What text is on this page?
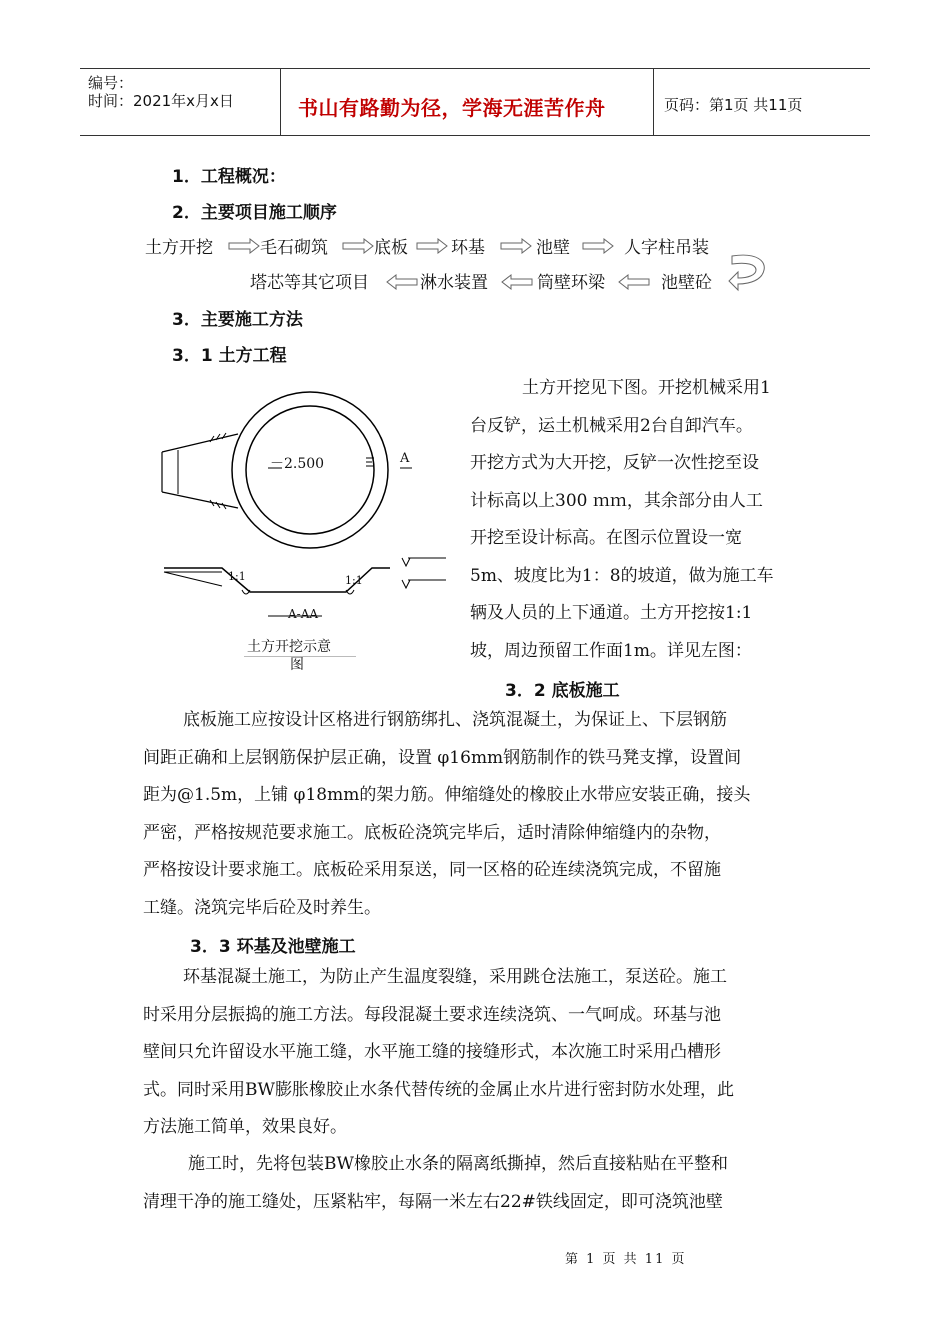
编号：
时间：2021年x月x日	书山有路勤为径，学海无涯苦作舟	页码：第1页 共11页
1．工程概况：
2．主要项目施工顺序
土方开挖	毛石砌筑	底板	环基	池壁	人字柱吊装
塔芯等其它项目	淋水装置	筒壁环梁	池壁砼
3．主要施工方法
3．1 土方工程
－2.500	A
1:1	1:1
A-AA
土方开挖示意
图
土方开挖见下图。开挖机械采用1
台反铲，运土机械采用2台自卸汽车。
开挖方式为大开挖，反铲一次性挖至设
计标高以上300 ｍｍ，其余部分由人工
开挖至设计标高。在图示位置设一宽
5m、坡度比为1：8的坡道，做为施工车
辆及人员的上下通道。土方开挖按1:1
坡，周边预留工作面1m。详见左图：
3．2 底板施工
底板施工应按设计区格进行钢筋绑扎、浇筑混凝土，为保证上、下层钢筋
间距正确和上层钢筋保护层正确，设置 φ16mm钢筋制作的铁马凳支撑，设置间
距为@1.5m，上铺 φ18mm的架力筋。伸缩缝处的橡胶止水带应安装正确，接头
严密，严格按规范要求施工。底板砼浇筑完毕后，适时清除伸缩缝内的杂物，
严格按设计要求施工。底板砼采用泵送，同一区格的砼连续浇筑完成，不留施
工缝。浇筑完毕后砼及时养生。
3．3 环基及池壁施工
环基混凝土施工，为防止产生温度裂缝，采用跳仓法施工，泵送砼。施工
时采用分层振捣的施工方法。每段混凝土要求连续浇筑、一气呵成。环基与池
壁间只允许留设水平施工缝，水平施工缝的接缝形式，本次施工时采用凸槽形
式。同时采用BW膨胀橡胶止水条代替传统的金属止水片进行密封防水处理，此
方法施工简单，效果良好。
施工时，先将包装BW橡胶止水条的隔离纸撕掉，然后直接粘贴在平整和
清理干净的施工缝处，压紧粘牢，每隔一米左右22#铁线固定，即可浇筑池壁
第 1 页 共 11 页
